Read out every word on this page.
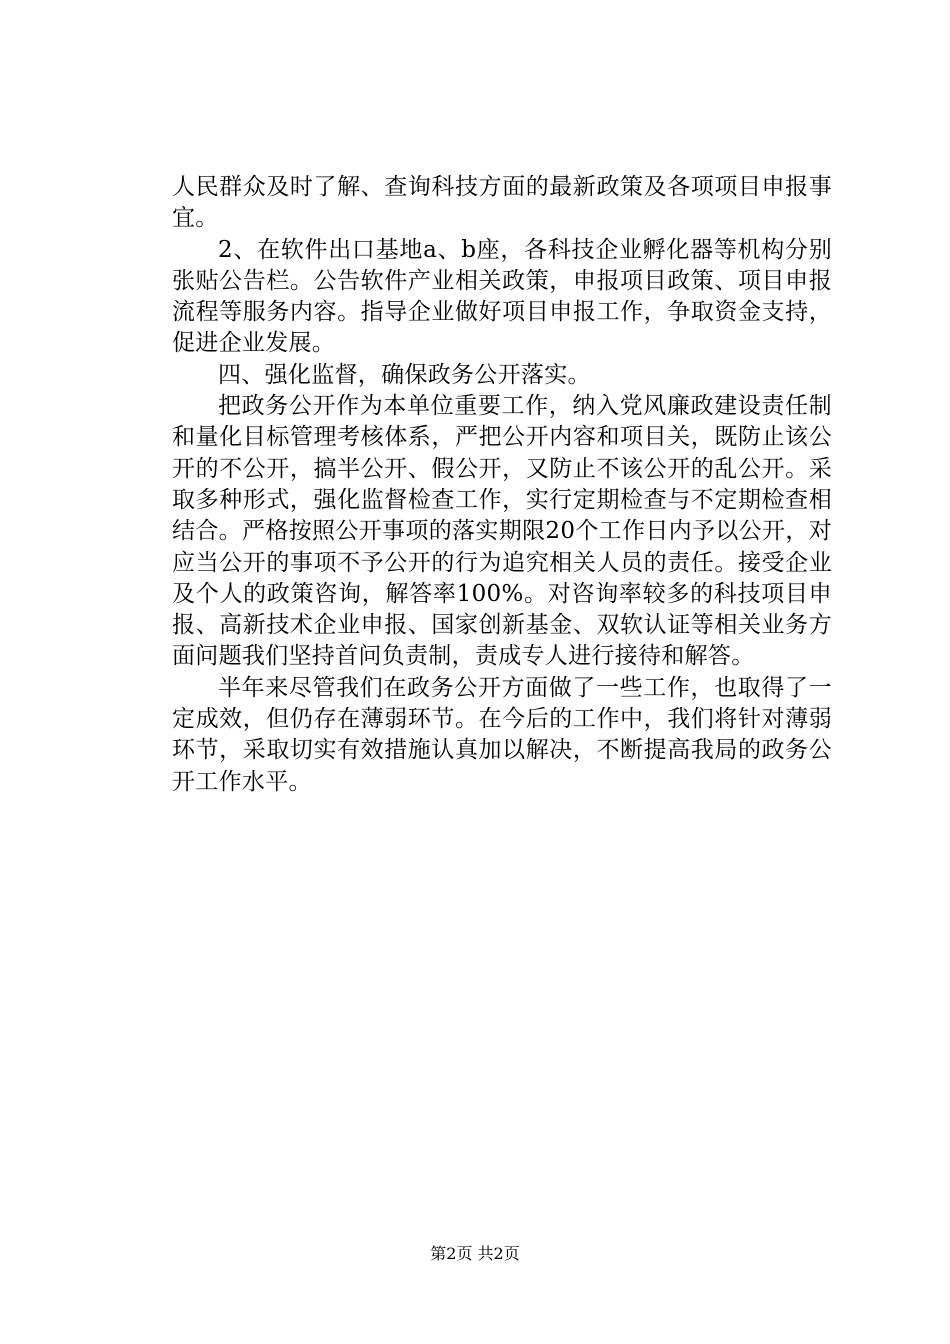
人民群众及时了解、查询科技方面的最新政策及各项项目申报事宜。

2、在软件出口基地a、b座，各科技企业孵化器等机构分别张贴公告栏。公告软件产业相关政策，申报项目政策、项目申报流程等服务内容。指导企业做好项目申报工作，争取资金支持，促进企业发展。

四、强化监督，确保政务公开落实。

把政务公开作为本单位重要工作，纳入党风廉政建设责任制和量化目标管理考核体系，严把公开内容和项目关，既防止该公开的不公开，搞半公开、假公开，又防止不该公开的乱公开。采取多种形式，强化监督检查工作，实行定期检查与不定期检查相结合。严格按照公开事项的落实期限20个工作日内予以公开，对应当公开的事项不予公开的行为追究相关人员的责任。接受企业及个人的政策咨询，解答率100%。对咨询率较多的科技项目申报、高新技术企业申报、国家创新基金、双软认证等相关业务方面问题我们坚持首问负责制，责成专人进行接待和解答。

半年来尽管我们在政务公开方面做了一些工作，也取得了一定成效，但仍存在薄弱环节。在今后的工作中，我们将针对薄弱环节，采取切实有效措施认真加以解决，不断提高我局的政务公开工作水平。

第2页 共2页
